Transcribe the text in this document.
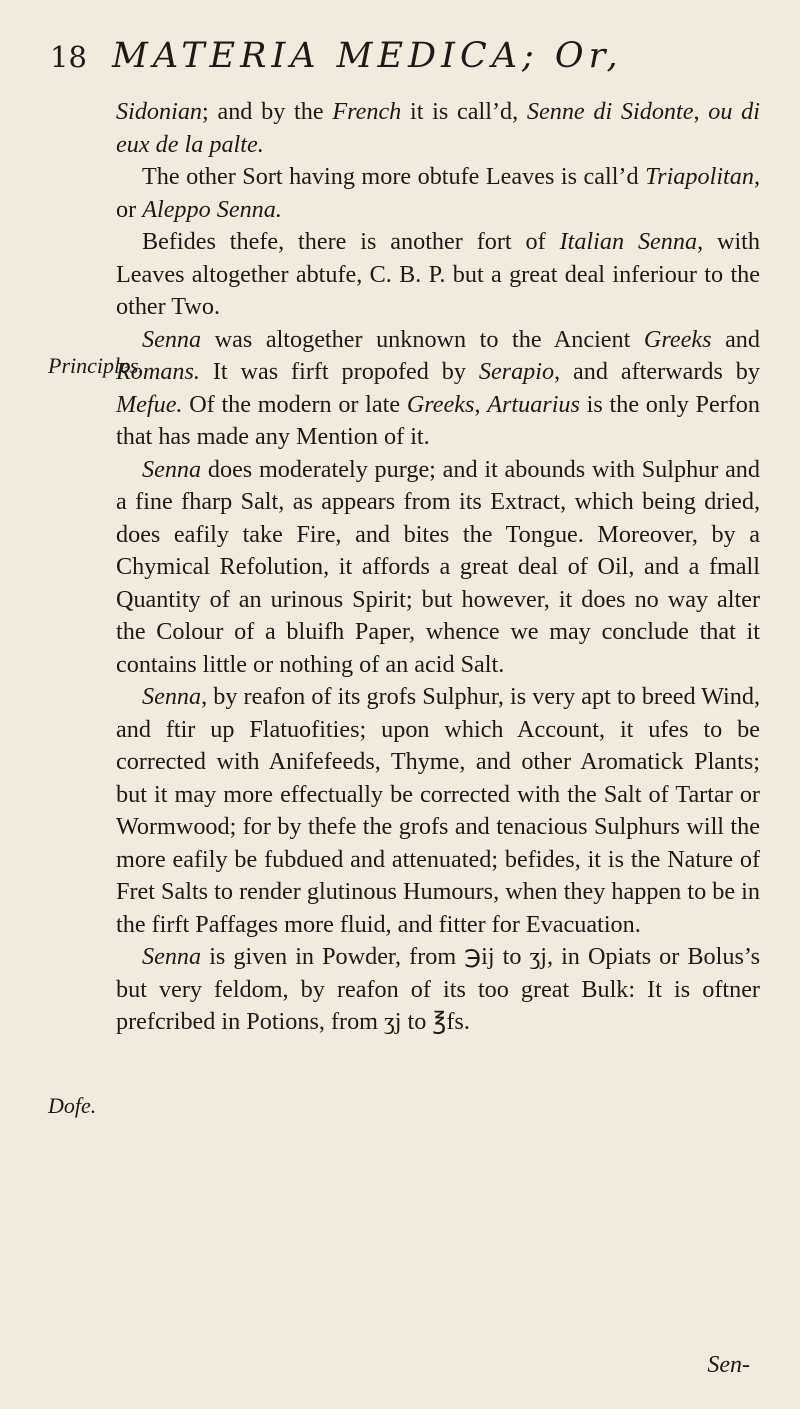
18 MATERIA MEDICA; Or,

Sidonian; and by the French it is call’d, Senne di Sidonte, ou di eux de la palte.

The other Sort having more obtufe Leaves is call’d Triapolitan, or Aleppo Senna.

Befides thefe, there is another fort of Italian Senna, with Leaves altogether abtufe, C. B. P. but a great deal inferiour to the other Two.

Senna was altogether unknown to the Ancient Greeks and Romans. It was firft propofed by Serapio, and afterwards by Mefue. Of the modern or late Greeks, Artuarius is the only Perfon that has made any Mention of it.

Senna does moderately purge; and it abounds with Sulphur and a fine fharp Salt, as appears from its Extract, which being dried, does eafily take Fire, and bites the Tongue. Moreover, by a Chymical Refolution, it affords a great deal of Oil, and a fmall Quantity of an urinous Spirit; but however, it does no way alter the Colour of a bluifh Paper, whence we may conclude that it contains little or nothing of an acid Salt.

Senna, by reafon of its grofs Sulphur, is very apt to breed Wind, and ftir up Flatuofities; upon which Account, it ufes to be corrected with Anifefeeds, Thyme, and other Aromatick Plants; but it may more effectually be corrected with the Salt of Tartar or Wormwood; for by thefe the grofs and tenacious Sulphurs will the more eafily be fubdued and attenuated; befides, it is the Nature of Fret Salts to render glutinous Humours, when they happen to be in the firft Paffages more fluid, and fitter for Evacuation.

Senna is given in Powder, from ℈ij to ʒj, in Opiats or Bolus’s but very feldom, by reafon of its too great Bulk: It is oftner prefcribed in Potions, from ʒj to ℥fs.

Principles.
Dofe.
Sen-
